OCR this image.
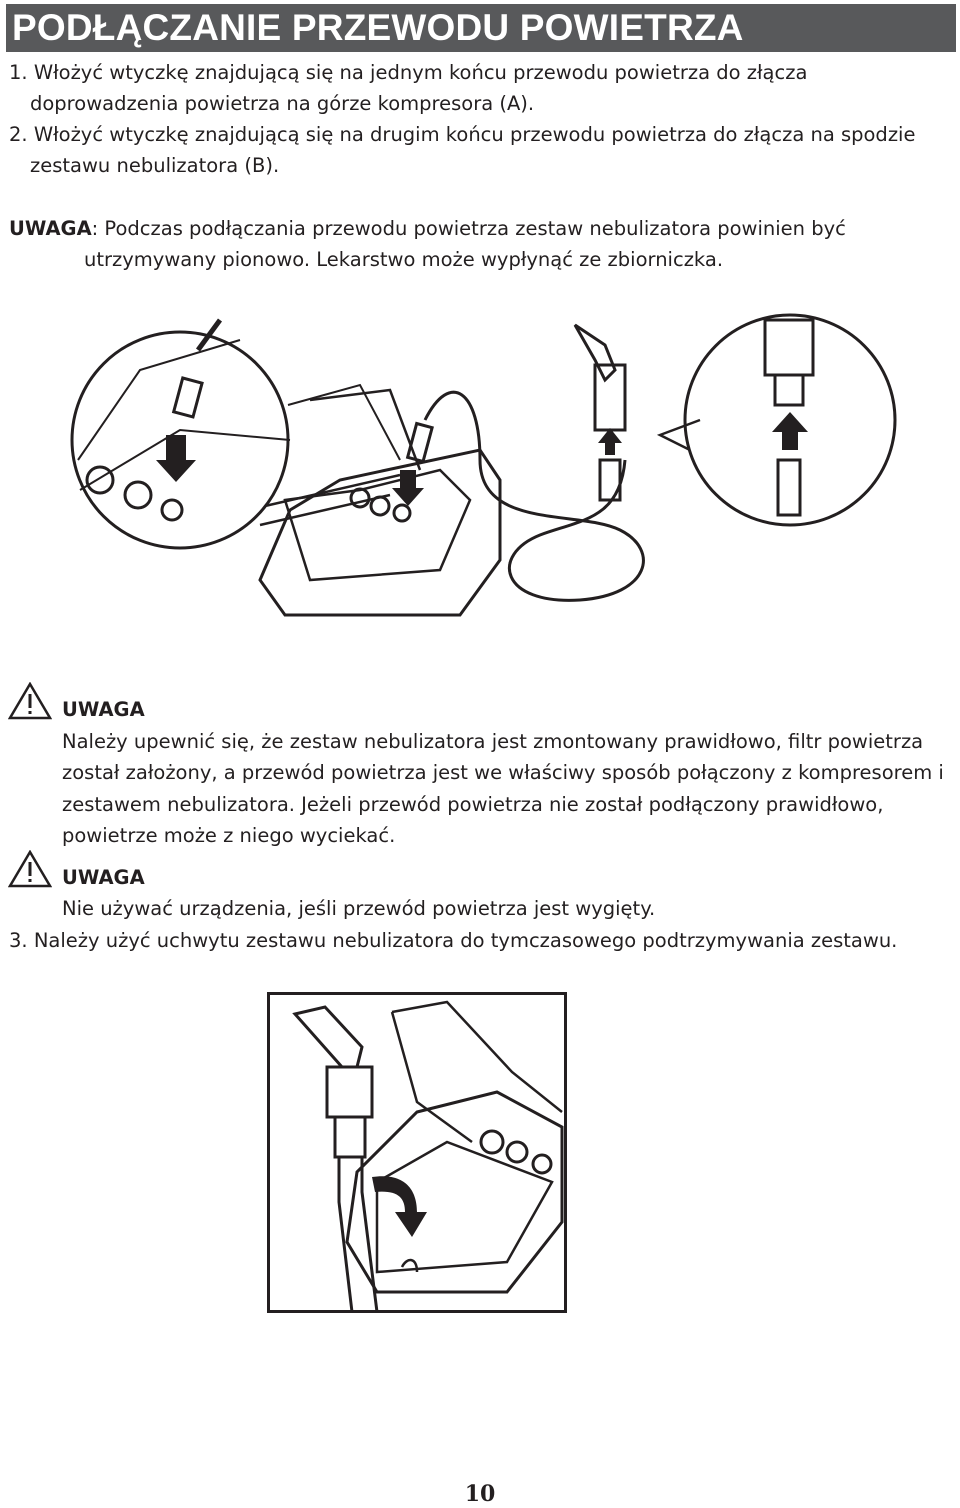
PODŁĄCZANIE PRZEWODU POWIETRZA
1. Włożyć wtyczkę znajdującą się na jednym końcu przewodu powietrza do złącza
doprowadzenia powietrza na górze kompresora (A).
2. Włożyć wtyczkę znajdującą się na drugim końcu przewodu powietrza do złącza na spodzie
zestawu nebulizatora (B).
UWAGA: Podczas podłączania przewodu powietrza zestaw nebulizatora powinien być
utrzymywany pionowo. Lekarstwo może wypłynąć ze zbiorniczka.
UWAGA
Należy upewnić się, że zestaw nebulizatora jest zmontowany prawidłowo, filtr powietrza
został założony, a przewód powietrza jest we właściwy sposób połączony z kompresorem i
zestawem nebulizatora. Jeżeli przewód powietrza nie został podłączony prawidłowo,
powietrze może z niego wyciekać.
UWAGA
Nie używać urządzenia, jeśli przewód powietrza jest wygięty.
3. Należy użyć uchwytu zestawu nebulizatora do tymczasowego podtrzymywania zestawu.
10
